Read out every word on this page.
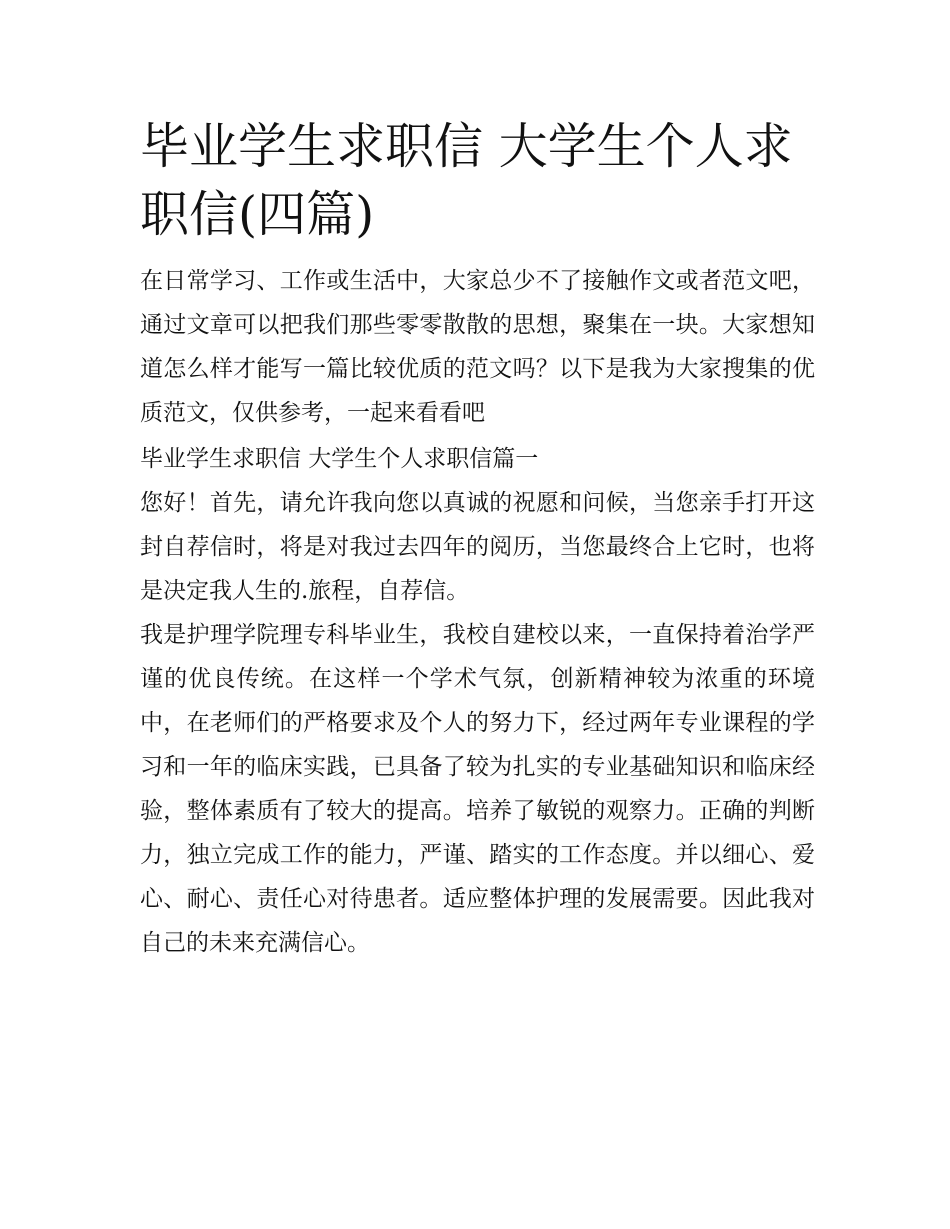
毕业学生求职信 大学生个人求职信(四篇)

在日常学习、工作或生活中，大家总少不了接触作文或者范文吧，通过文章可以把我们那些零零散散的思想，聚集在一块。大家想知道怎么样才能写一篇比较优质的范文吗？以下是我为大家搜集的优质范文，仅供参考，一起来看看吧

毕业学生求职信 大学生个人求职信篇一

您好！首先，请允许我向您以真诚的祝愿和问候，当您亲手打开这封自荐信时，将是对我过去四年的阅历，当您最终合上它时，也将是决定我人生的.旅程，自荐信。

我是护理学院理专科毕业生，我校自建校以来，一直保持着治学严谨的优良传统。在这样一个学术气氛，创新精神较为浓重的环境中，在老师们的严格要求及个人的努力下，经过两年专业课程的学习和一年的临床实践，已具备了较为扎实的专业基础知识和临床经验，整体素质有了较大的提高。培养了敏锐的观察力。正确的判断力，独立完成工作的能力，严谨、踏实的工作态度。并以细心、爱心、耐心、责任心对待患者。适应整体护理的发展需要。因此我对自己的未来充满信心。
